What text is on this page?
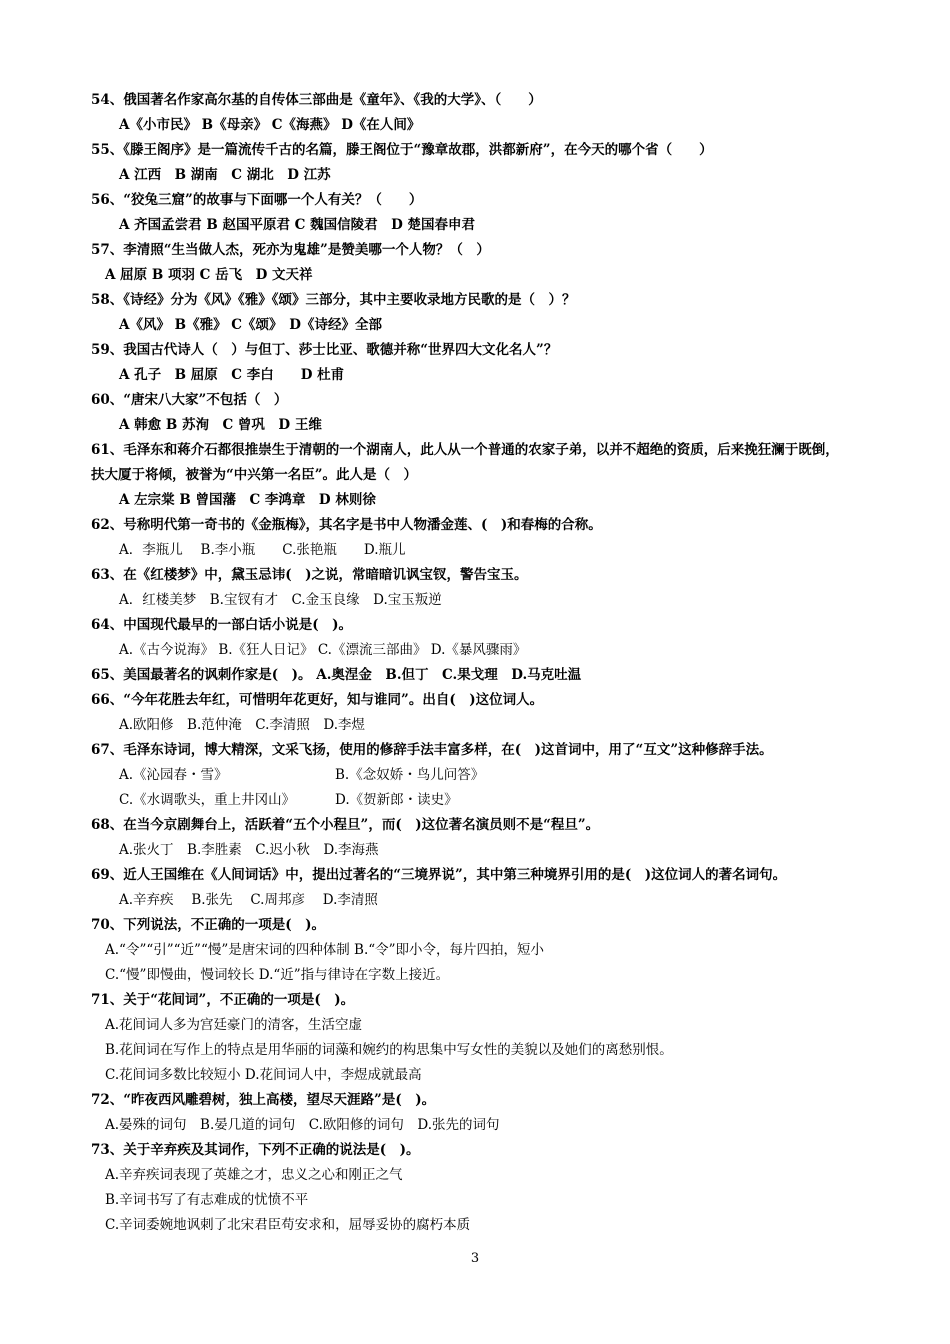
54、俄国著名作家高尔基的自传体三部曲是《童年》、《我的大学》、（　　）
A《小市民》 B《母亲》 C《海燕》 D《在人间》
55、《滕王阁序》是一篇流传千古的名篇，滕王阁位于“豫章故郡，洪都新府”，在今天的哪个省（　　）
A 江西　B 湖南　C 湖北　D 江苏
56、“狡兔三窟”的故事与下面哪一个人有关？（　　）
A 齐国孟尝君 B 赵国平原君 C 魏国信陵君　D 楚国春申君
57、李清照“生当做人杰，死亦为鬼雄”是赞美哪一个人物？（　）
A 屈原 B 项羽 C 岳飞　D 文天祥
58、《诗经》分为《风》《雅》《颂》三部分，其中主要收录地方民歌的是（　）？
A《风》 B《雅》 C《颂》　D《诗经》全部
59、我国古代诗人（　）与但丁、莎士比亚、歌德并称“世界四大文化名人”？
A 孔子　B 屈原　C 李白　　D 杜甫
60、“唐宋八大家”不包括（　）
A 韩愈 B 苏洵　C 曾巩　D 王维
61、毛泽东和蒋介石都很推崇生于清朝的一个湖南人，此人从一个普通的农家子弟，以并不超绝的资质，后来挽狂澜于既倒，
扶大厦于将倾，被誉为“中兴第一名臣”。此人是（　）
A 左宗棠 B 曾国藩　C 李鸿章　D 林则徐
62、号称明代第一奇书的《金瓶梅》，其名字是书中人物潘金莲、(　)和春梅的合称。
A．李瓶儿　 B.李小瓶　　C.张艳瓶　　D.瓶儿
63、在《红楼梦》中，黛玉忌讳(　)之说，常暗暗讥讽宝钗，警告宝玉。
A．红楼美梦　B.宝钗有才　C.金玉良缘　D.宝玉叛逆
64、中国现代最早的一部白话小说是(　)。
A.《古今说海》 B.《狂人日记》 C.《漂流三部曲》 D.《暴风骤雨》
65、美国最著名的讽刺作家是(　)。 A.奥涅金　B.但丁　C.果戈理　D.马克吐温
66、“今年花胜去年红，可惜明年花更好，知与谁同”。出自(　)这位词人。
A.欧阳修　B.范仲淹　C.李清照　D.李煜
67、毛泽东诗词，博大精深，文采飞扬，使用的修辞手法丰富多样，在(　)这首词中，用了“互文”这种修辞手法。
A.《沁园春・雪》	B.《念奴娇・鸟儿问答》
C.《水调歌头，重上井冈山》	D.《贺新郎・读史》
68、在当今京剧舞台上，活跃着“五个小程旦”，而(　)这位著名演员则不是“程旦”。
A.张火丁　B.李胜素　C.迟小秋　D.李海燕
69、近人王国维在《人间词话》中，提出过著名的“三境界说”，其中第三种境界引用的是(　)这位词人的著名词句。
A.辛弃疾　 B.张先　 C.周邦彦　 D.李清照
70、下列说法，不正确的一项是(　)。
A.“令”“引”“近”“慢”是唐宋词的四种体制 B.“令”即小令，每片四拍，短小
C.“慢”即慢曲，慢词较长 D.“近”指与律诗在字数上接近。
71、关于“花间词”，不正确的一项是(　)。
A.花间词人多为宫廷豪门的清客，生活空虚
B.花间词在写作上的特点是用华丽的词藻和婉约的构思集中写女性的美貌以及她们的离愁别恨。
C.花间词多数比较短小 D.花间词人中，李煜成就最高
72、“昨夜西风雕碧树，独上高楼，望尽天涯路”是(　)。
A.晏殊的词句　B.晏几道的词句　C.欧阳修的词句　D.张先的词句
73、关于辛弃疾及其词作，下列不正确的说法是(　)。
A.辛弃疾词表现了英雄之才，忠义之心和刚正之气
B.辛词书写了有志难成的忧愤不平
C.辛词委婉地讽刺了北宋君臣苟安求和，屈辱妥协的腐朽本质
3
